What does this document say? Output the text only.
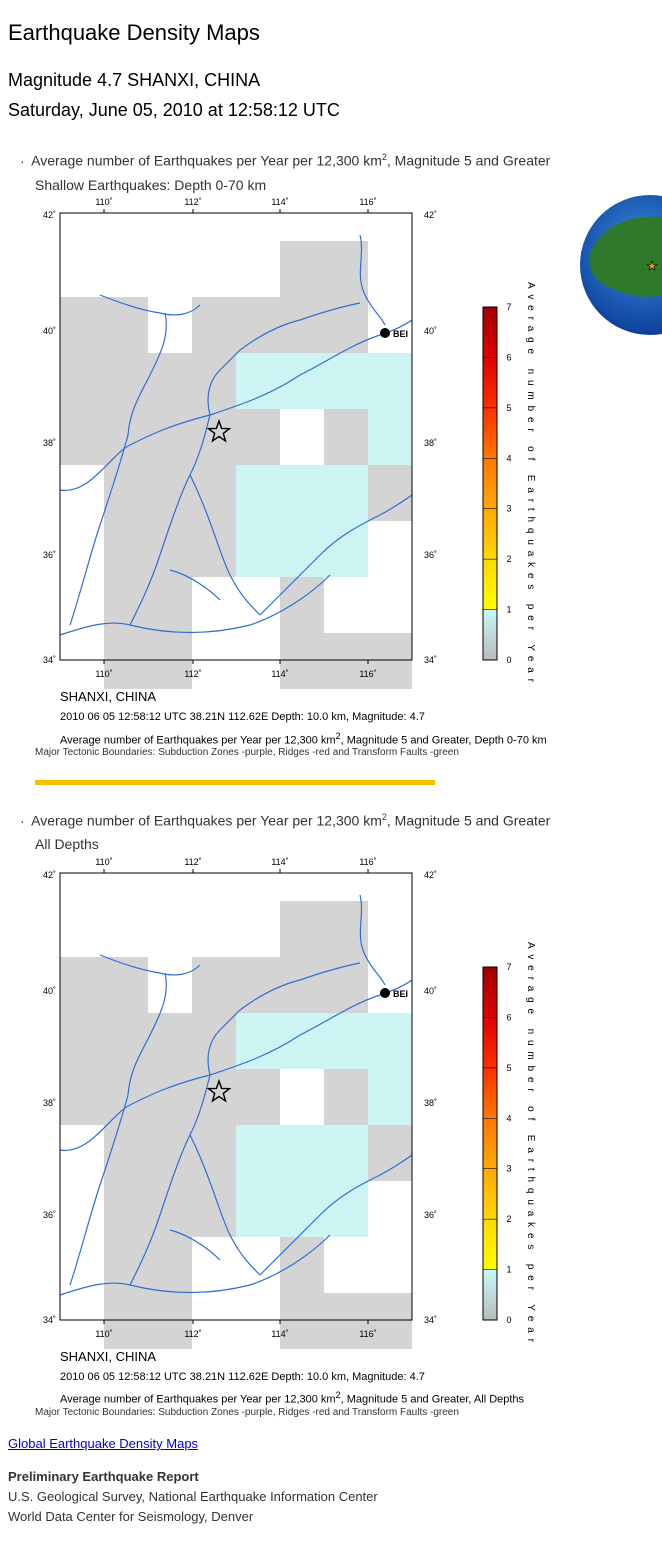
Earthquake Density Maps
Magnitude 4.7 SHANXI, CHINA
Saturday, June 05, 2010 at 12:58:12 UTC
· Average number of Earthquakes per Year per 12,300 $km^2$, Magnitude 5 and Greater
Shallow Earthquakes: Depth 0-70 km
110˚
110˚
112˚
112˚
114˚
114˚
116˚
116˚
42˚	42˚
40˚	40˚
38˚	38˚
36˚	36˚
34˚	34˚
BEI
0
1
2
3
4
5
6
7
Average number of Earthquakes per Year
SHANXI, CHINA
2010 06 05 12:58:12 UTC 38.21N 112.62E Depth: 10.0 km, Magnitude: 4.7
Average number of Earthquakes per Year per 12,300 $km^2$, Magnitude 5 and Greater, Depth 0-70 km
Major Tectonic Boundaries: Subduction Zones -purple, Ridges -red and Transform Faults -green
· Average number of Earthquakes per Year per 12,300 $km^2$, Magnitude 5 and Greater
All Depths
110˚
110˚
112˚
112˚
114˚
114˚
116˚
116˚
42˚	42˚
40˚	40˚
38˚	38˚
36˚	36˚
34˚	34˚
BEI
0
1
2
3
4
5
6
7
Average number of Earthquakes per Year
SHANXI, CHINA
2010 06 05 12:58:12 UTC 38.21N 112.62E Depth: 10.0 km, Magnitude: 4.7
Average number of Earthquakes per Year per 12,300 $km^2$, Magnitude 5 and Greater, All Depths
Major Tectonic Boundaries: Subduction Zones -purple, Ridges -red and Transform Faults -green
Global Earthquake Density Maps
Preliminary Earthquake Report
U.S. Geological Survey, National Earthquake Information Center
World Data Center for Seismology, Denver
